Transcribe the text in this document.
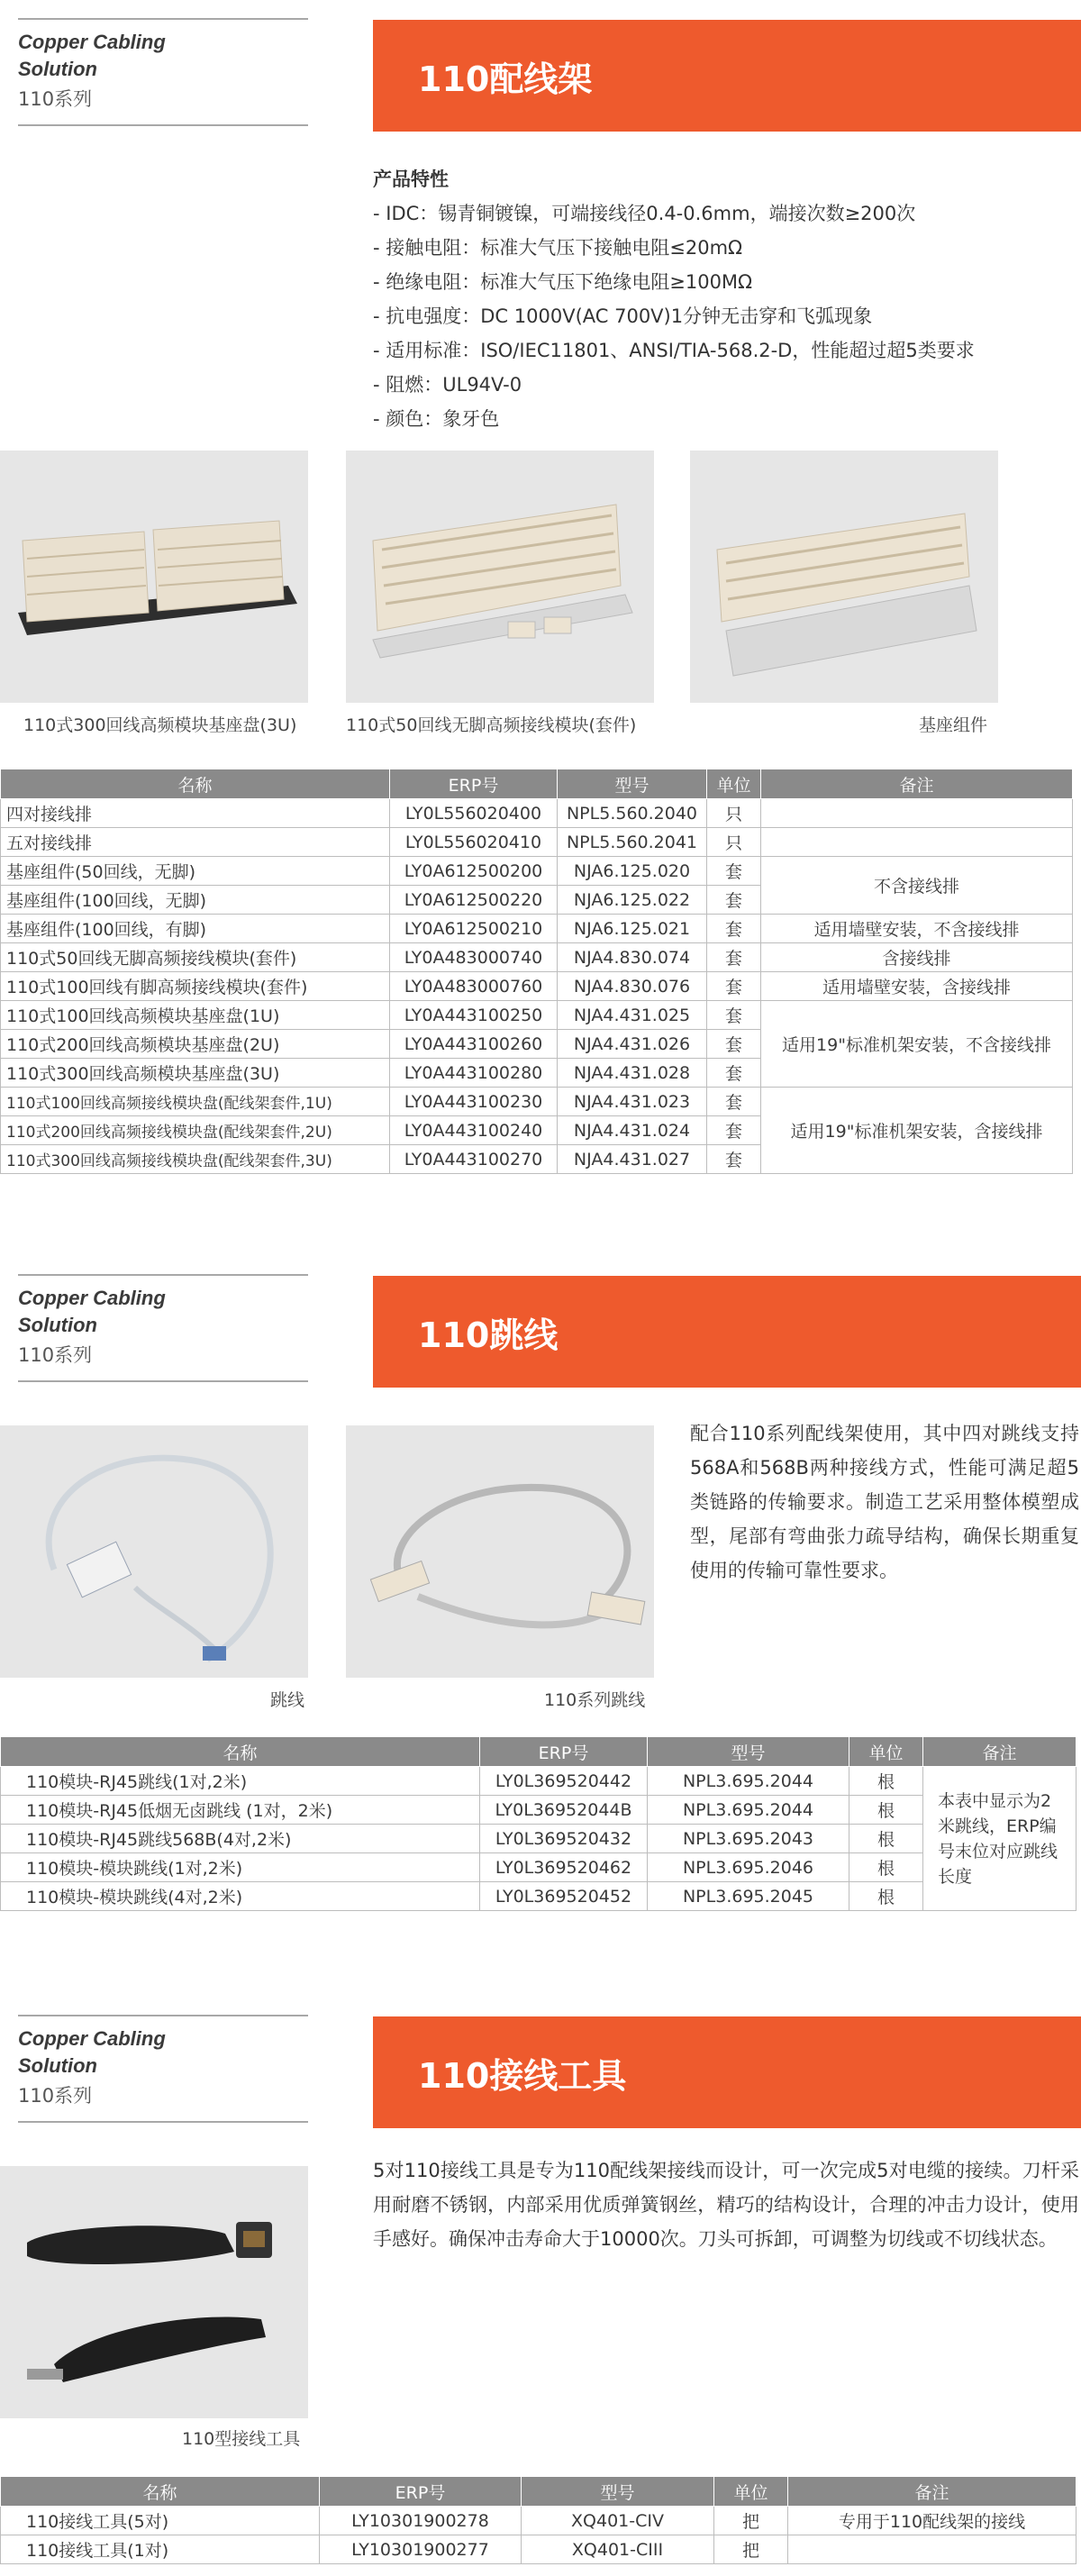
Copper Cabling Solution
110系列
110配线架
产品特性
- IDC：锡青铜镀镍，可端接线径0.4-0.6mm，端接次数≥200次
- 接触电阻：标准大气压下接触电阻≤20mΩ
- 绝缘电阻：标准大气压下绝缘电阻≥100MΩ
- 抗电强度：DC 1000V(AC 700V)1分钟无击穿和飞弧现象
- 适用标准：ISO/IEC11801、ANSI/TIA-568.2-D，性能超过超5类要求
- 阻燃：UL94V-0
- 颜色：象牙色
110式300回线高频模块基座盘(3U)	110式50回线无脚高频接线模块(套件)	基座组件
名称	ERP号	型号	单位	备注
四对接线排	LY0L556020400	NPL5.560.2040	只	
五对接线排	LY0L556020410	NPL5.560.2041	只	
基座组件(50回线，无脚)	LY0A612500200	NJA6.125.020	套	不含接线排
基座组件(100回线，无脚)	LY0A612500220	NJA6.125.022	套	
基座组件(100回线，有脚)	LY0A612500210	NJA6.125.021	套	适用墙壁安装，不含接线排
110式50回线无脚高频接线模块(套件)	LY0A483000740	NJA4.830.074	套	含接线排
110式100回线有脚高频接线模块(套件)	LY0A483000760	NJA4.830.076	套	适用墙壁安装，含接线排
110式100回线高频模块基座盘(1U)	LY0A443100250	NJA4.431.025	套	适用19"标准机架安装，不含接线排
110式200回线高频模块基座盘(2U)	LY0A443100260	NJA4.431.026	套	
110式300回线高频模块基座盘(3U)	LY0A443100280	NJA4.431.028	套	
110式100回线高频接线模块盘(配线架套件,1U)	LY0A443100230	NJA4.431.023	套	适用19"标准机架安装，含接线排
110式200回线高频接线模块盘(配线架套件,2U)	LY0A443100240	NJA4.431.024	套	
110式300回线高频接线模块盘(配线架套件,3U)	LY0A443100270	NJA4.431.027	套	
Copper Cabling Solution
110系列
110跳线
跳线	110系列跳线
配合110系列配线架使用，其中四对跳线支持568A和568B两种接线方式，性能可满足超5类链路的传输要求。制造工艺采用整体模塑成型，尾部有弯曲张力疏导结构，确保长期重复使用的传输可靠性要求。
名称	ERP号	型号	单位	备注
110模块-RJ45跳线(1对,2米)	LY0L369520442	NPL3.695.2044	根	本表中显示为2米跳线，ERP编号末位对应跳线长度
110模块-RJ45低烟无卤跳线 (1对，2米)	LY0L36952044B	NPL3.695.2044	根	
110模块-RJ45跳线568B(4对,2米)	LY0L369520432	NPL3.695.2043	根	
110模块-模块跳线(1对,2米)	LY0L369520462	NPL3.695.2046	根	
110模块-模块跳线(4对,2米)	LY0L369520452	NPL3.695.2045	根	
Copper Cabling Solution
110系列
110接线工具
5对110接线工具是专为110配线架接线而设计，可一次完成5对电缆的接续。刀杆采用耐磨不锈钢，内部采用优质弹簧钢丝，精巧的结构设计，合理的冲击力设计，使用手感好。确保冲击寿命大于10000次。刀头可拆卸，可调整为切线或不切线状态。
110型接线工具
名称	ERP号	型号	单位	备注
110接线工具(5对)	LY10301900278	XQ401-CIV	把	专用于110配线架的接线
110接线工具(1对)	LY10301900277	XQ401-CIII	把	
